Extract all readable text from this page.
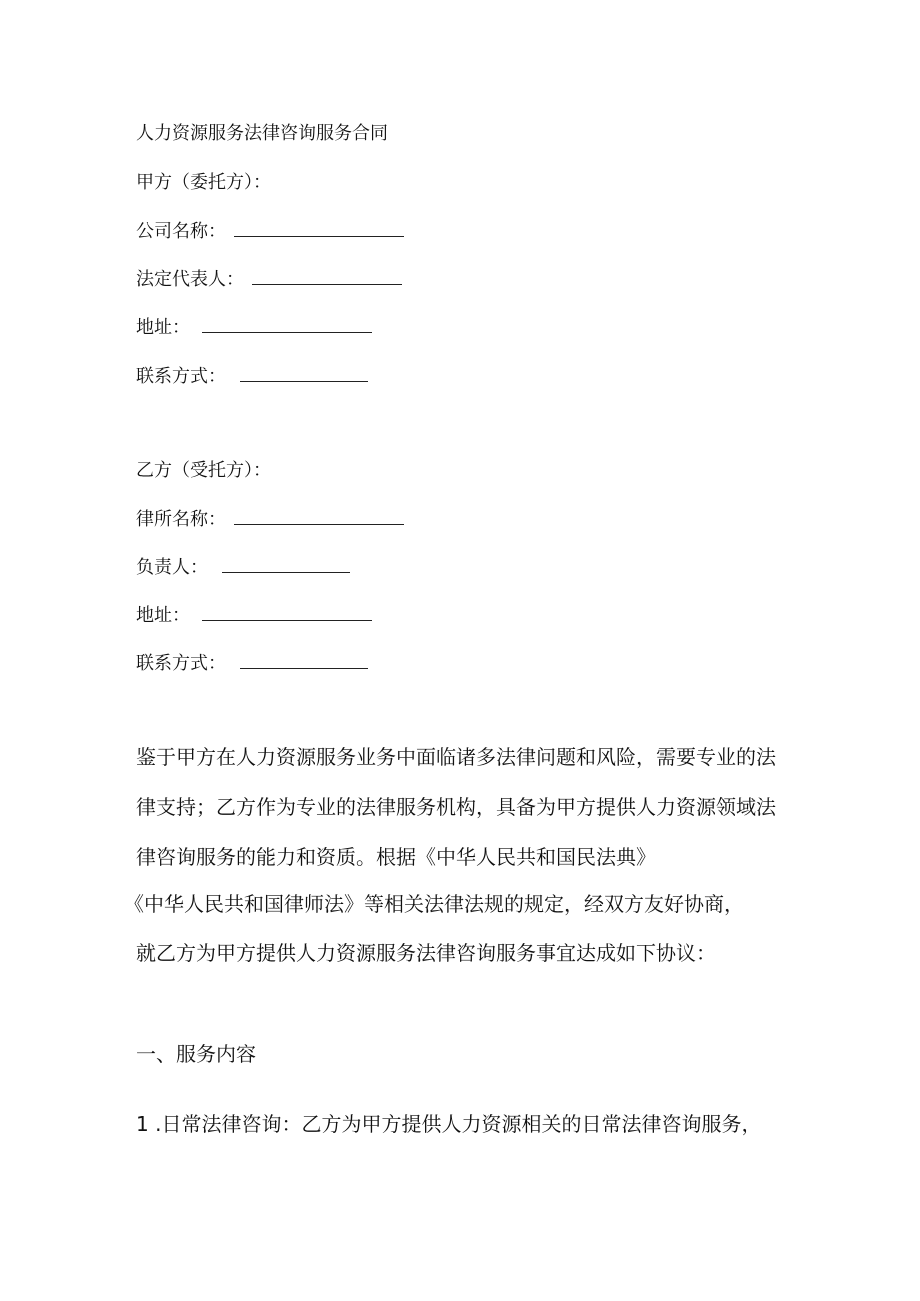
人力资源服务法律咨询服务合同
甲方（委托方）：
公司名称：
法定代表人：
地址：
联系方式：
乙方（受托方）：
律所名称：
负责人：
地址：
联系方式：
鉴于甲方在人力资源服务业务中面临诸多法律问题和风险，需要专业的法
律支持；乙方作为专业的法律服务机构，具备为甲方提供人力资源领域法
律咨询服务的能力和资质。根据《中华人民共和国民法典》
《中华人民共和国律师法》等相关法律法规的规定，经双方友好协商，
就乙方为甲方提供人力资源服务法律咨询服务事宜达成如下协议：
一、服务内容
1 .日常法律咨询：乙方为甲方提供人力资源相关的日常法律咨询服务，
